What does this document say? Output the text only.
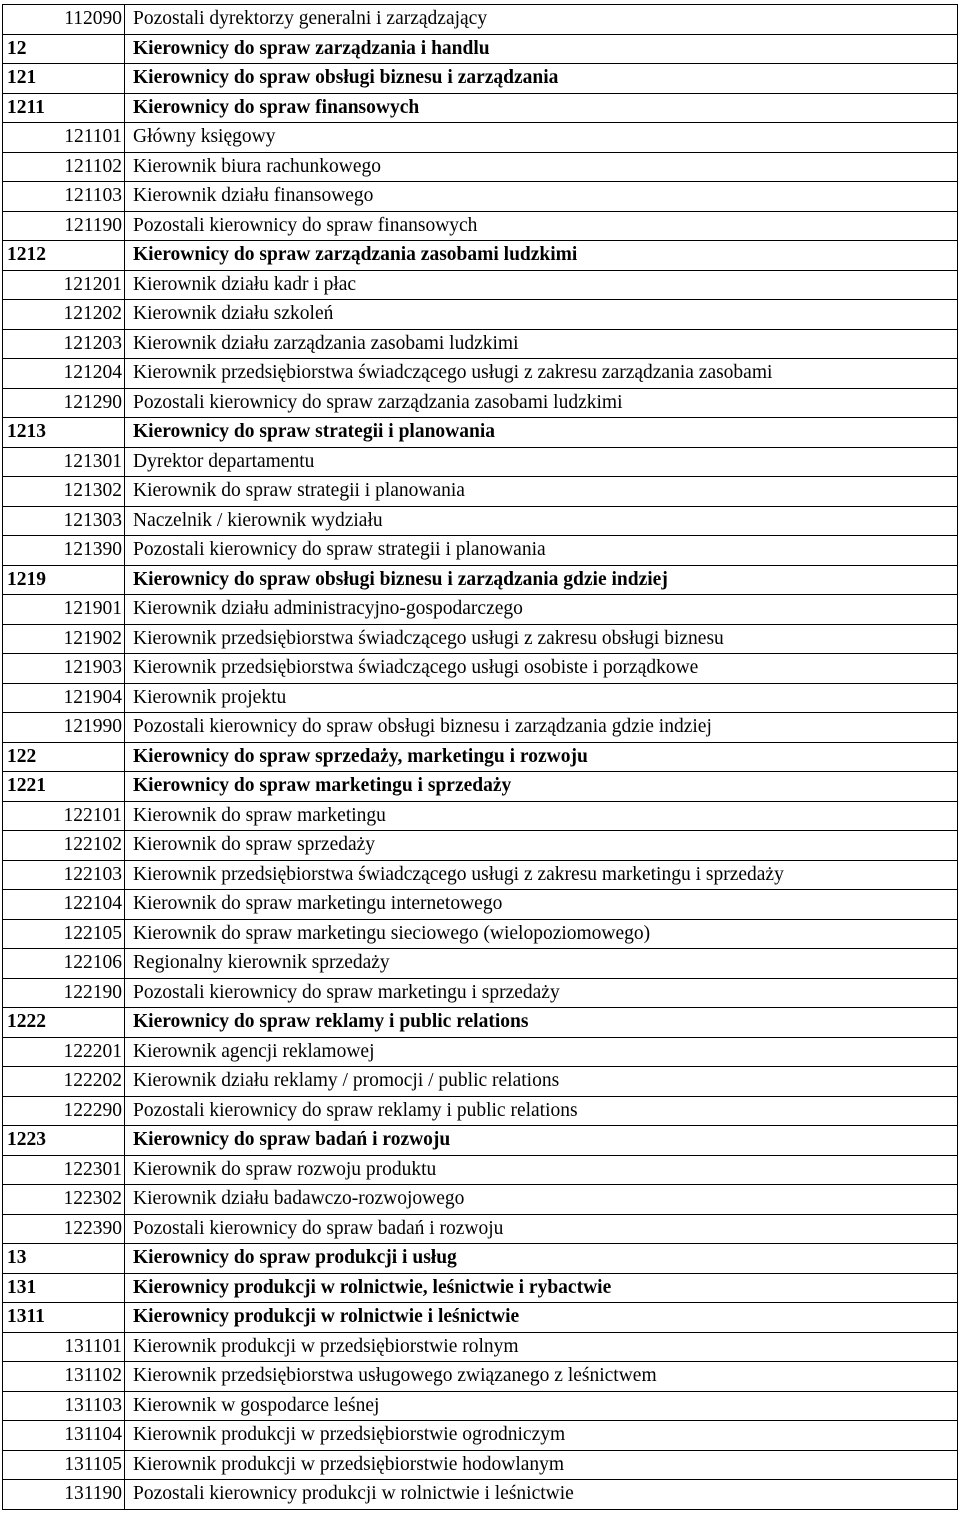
112090	Pozostali dyrektorzy generalni i zarządzający
12	Kierownicy do spraw zarządzania i handlu
121	Kierownicy do spraw obsługi biznesu i zarządzania
1211	Kierownicy do spraw finansowych
121101	Główny księgowy
121102	Kierownik biura rachunkowego
121103	Kierownik działu finansowego
121190	Pozostali kierownicy do spraw finansowych
1212	Kierownicy do spraw zarządzania zasobami ludzkimi
121201	Kierownik działu kadr i płac
121202	Kierownik działu szkoleń
121203	Kierownik działu zarządzania zasobami ludzkimi
121204	Kierownik przedsiębiorstwa świadczącego usługi z zakresu zarządzania zasobami
121290	Pozostali kierownicy do spraw zarządzania zasobami ludzkimi
1213	Kierownicy do spraw strategii i planowania
121301	Dyrektor departamentu
121302	Kierownik do spraw strategii i planowania
121303	Naczelnik / kierownik wydziału
121390	Pozostali kierownicy do spraw strategii i planowania
1219	Kierownicy do spraw obsługi biznesu i zarządzania gdzie indziej
121901	Kierownik działu administracyjno-gospodarczego
121902	Kierownik przedsiębiorstwa świadczącego usługi z zakresu obsługi biznesu
121903	Kierownik przedsiębiorstwa świadczącego usługi osobiste i porządkowe
121904	Kierownik projektu
121990	Pozostali kierownicy do spraw obsługi biznesu i zarządzania gdzie indziej
122	Kierownicy do spraw sprzedaży, marketingu i rozwoju
1221	Kierownicy do spraw marketingu i sprzedaży
122101	Kierownik do spraw marketingu
122102	Kierownik do spraw sprzedaży
122103	Kierownik przedsiębiorstwa świadczącego usługi z zakresu marketingu i sprzedaży
122104	Kierownik do spraw marketingu internetowego
122105	Kierownik do spraw marketingu sieciowego (wielopoziomowego)
122106	Regionalny kierownik sprzedaży
122190	Pozostali kierownicy do spraw marketingu i sprzedaży
1222	Kierownicy do spraw reklamy i public relations
122201	Kierownik agencji reklamowej
122202	Kierownik działu reklamy / promocji / public relations
122290	Pozostali kierownicy do spraw reklamy i public relations
1223	Kierownicy do spraw badań i rozwoju
122301	Kierownik do spraw rozwoju produktu
122302	Kierownik działu badawczo-rozwojowego
122390	Pozostali kierownicy do spraw badań i rozwoju
13	Kierownicy do spraw produkcji i usług
131	Kierownicy produkcji w rolnictwie, leśnictwie i rybactwie
1311	Kierownicy produkcji w rolnictwie i leśnictwie
131101	Kierownik produkcji w przedsiębiorstwie rolnym
131102	Kierownik przedsiębiorstwa usługowego związanego z leśnictwem
131103	Kierownik w gospodarce leśnej
131104	Kierownik produkcji w przedsiębiorstwie ogrodniczym
131105	Kierownik produkcji w przedsiębiorstwie hodowlanym
131190	Pozostali kierownicy produkcji w rolnictwie i leśnictwie
